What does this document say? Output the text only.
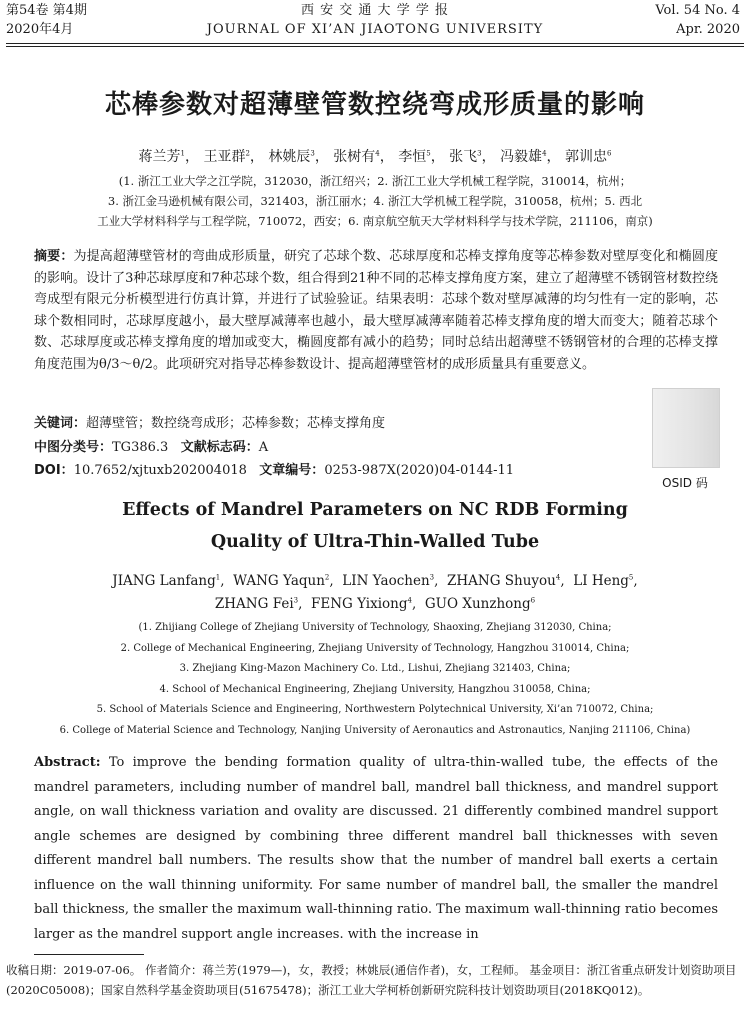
第54卷 第4期
2020年4月
西 安 交 通 大 学 学 报
JOURNAL OF XI’AN JIAOTONG UNIVERSITY
Vol. 54 No. 4
Apr. 2020
芯棒参数对超薄壁管数控绕弯成形质量的影响
蒋兰芳$^1$， 王亚群$^2$， 林姚辰$^3$， 张树有$^4$， 李恒$^5$， 张飞$^3$， 冯毅雄$^4$， 郭训忠$^6$
(1. 浙江工业大学之江学院，312030，浙江绍兴；2. 浙江工业大学机械工程学院，310014，杭州；
3. 浙江金马逊机械有限公司，321403，浙江丽水；4. 浙江大学机械工程学院，310058，杭州；5. 西北
工业大学材料科学与工程学院，710072，西安；6. 南京航空航天大学材料科学与技术学院，211106，南京)
摘要：为提高超薄壁管材的弯曲成形质量，研究了芯球个数、芯球厚度和芯棒支撑角度等芯棒参数对壁厚变化和椭圆度的影响。设计了3种芯球厚度和7种芯球个数，组合得到21种不同的芯棒支撑角度方案，建立了超薄壁不锈钢管材数控绕弯成型有限元分析模型进行仿真计算，并进行了试验验证。结果表明：芯球个数对壁厚减薄的均匀性有一定的影响，芯球个数相同时，芯球厚度越小，最大壁厚减薄率也越小，最大壁厚减薄率随着芯棒支撑角度的增大而变大；随着芯球个数、芯球厚度或芯棒支撑角度的增加或变大，椭圆度都有减小的趋势；同时总结出超薄壁不锈钢管材的合理的芯棒支撑角度范围为θ/3～θ/2。此项研究对指导芯棒参数设计、提高超薄壁管材的成形质量具有重要意义。
关键词：超薄壁管；数控绕弯成形；芯棒参数；芯棒支撑角度
中图分类号：TG386.3 文献标志码：A
DOI：10.7652/xjtuxb202004018 文章编号：0253-987X(2020)04-0144-11
OSID 码
Effects of Mandrel Parameters on NC RDB Forming
Quality of Ultra-Thin-Walled Tube
JIANG Lanfang$^1$,  WANG Yaqun$^2$,  LIN Yaochen$^3$,  ZHANG Shuyou$^4$,  LI Heng$^5$,
ZHANG Fei$^3$,  FENG Yixiong$^4$,  GUO Xunzhong$^6$
(1. Zhijiang College of Zhejiang University of Technology, Shaoxing, Zhejiang 312030, China;
2. College of Mechanical Engineering, Zhejiang University of Technology, Hangzhou 310014, China;
3. Zhejiang King-Mazon Machinery Co. Ltd., Lishui, Zhejiang 321403, China;
4. School of Mechanical Engineering, Zhejiang University, Hangzhou 310058, China;
5. School of Materials Science and Engineering, Northwestern Polytechnical University, Xi’an 710072, China;
6. College of Material Science and Technology, Nanjing University of Aeronautics and Astronautics, Nanjing 211106, China)
Abstract: To improve the bending formation quality of ultra-thin-walled tube, the effects of the mandrel parameters, including number of mandrel ball, mandrel ball thickness, and mandrel support angle, on wall thickness variation and ovality are discussed. 21 differently combined mandrel support angle schemes are designed by combining three different mandrel ball thicknesses with seven different mandrel ball numbers. The results show that the number of mandrel ball exerts a certain influence on the wall thinning uniformity. For same number of mandrel ball, the smaller the mandrel ball thickness, the smaller the maximum wall-thinning ratio. The maximum wall-thinning ratio becomes larger as the mandrel support angle increases. with the increase in
收稿日期：2019-07-06。 作者简介：蒋兰芳(1979—)，女，教授；林姚辰(通信作者)，女，工程师。 基金项目：浙江省重点研发计划资助项目(2020C05008)；国家自然科学基金资助项目(51675478)；浙江工业大学柯桥创新研究院科技计划资助项目(2018KQ012)。
